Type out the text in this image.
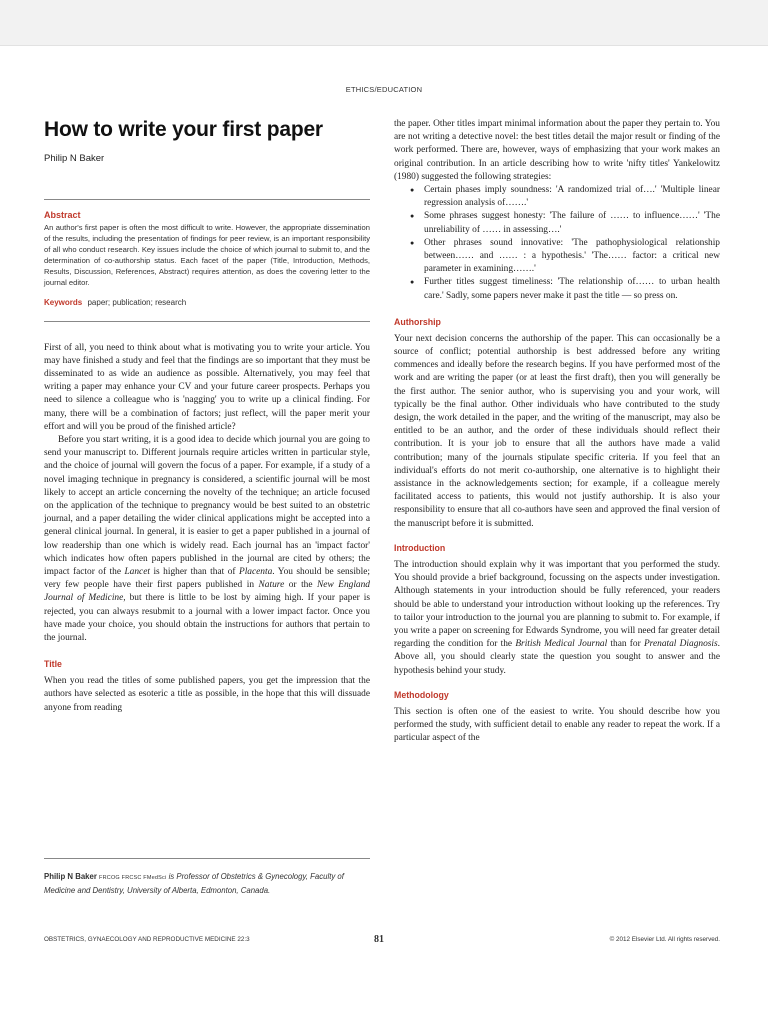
ETHICS/EDUCATION
How to write your first paper
Philip N Baker
Abstract
An author's first paper is often the most difficult to write. However, the appropriate dissemination of the results, including the presentation of findings for peer review, is an important responsibility of all who conduct research. Key issues include the choice of which journal to submit to, and the determination of co-authorship status. Each facet of the paper (Title, Introduction, Methods, Results, Discussion, References, Abstract) requires attention, as does the covering letter to the journal editor.
Keywords paper; publication; research

First of all, you need to think about what is motivating you to write your article. You may have finished a study and feel that the findings are so important that they must be disseminated to as wide an audience as possible. Alternatively, you may feel that writing a paper may enhance your CV and your future career prospects. Perhaps you need to silence a colleague who is 'nagging' you to write up a clinical finding. For many, there will be a combination of factors; just reflect, will the paper merit your effort and will you be proud of the finished article?

Before you start writing, it is a good idea to decide which journal you are going to send your manuscript to. Different journals require articles written in particular style, and the choice of journal will govern the focus of a paper. For example, if a study of a novel imaging technique in pregnancy is considered, a scientific journal will be most likely to accept an article concerning the novelty of the technique; an article focused on the application of the technique to pregnancy would be best suited to an obstetric journal, and a paper detailing the wider clinical applications might be accepted into a general clinical journal. In general, it is easier to get a paper published in a journal of low readership than one which is widely read. Each journal has an 'impact factor' which indicates how often papers published in the journal are cited by others; the impact factor of the Lancet is higher than that of Placenta. You should be sensible; very few people have their first papers published in Nature or the New England Journal of Medicine, but there is little to be lost by aiming high. If your paper is rejected, you can always resubmit to a journal with a lower impact factor. Once you have made your choice, you should obtain the instructions for authors that pertain to the journal.

Title

When you read the titles of some published papers, you get the impression that the authors have selected as esoteric a title as possible, in the hope that this will dissuade anyone from reading

the paper. Other titles impart minimal information about the paper they pertain to. You are not writing a detective novel: the best titles detail the major result or finding of the work performed. There are, however, ways of emphasizing that your work makes an original contribution. In an article describing how to write 'nifty titles' Yankelowitz (1980) suggested the following strategies:

● Certain phases imply soundness: 'A randomized trial of….' 'Multiple linear regression analysis of…….'
● Some phrases suggest honesty: 'The failure of …… to influence……' 'The unreliability of …… in assessing….'
● Other phrases sound innovative: 'The pathophysiological relationship between…… and …… : a hypothesis.' 'The…… factor: a critical new parameter in examining…….'
● Further titles suggest timeliness: 'The relationship of…… to urban health care.' Sadly, some papers never make it past the title — so press on.
Authorship

Your next decision concerns the authorship of the paper. This can occasionally be a source of conflict; potential authorship is best addressed before any writing commences and ideally before the research begins. If you have performed most of the work and are writing the paper (or at least the first draft), then you will generally be the first author. The senior author, who is supervising you and your work, will typically be the final author. Other individuals who have contributed to the study design, the work detailed in the paper, and the writing of the manuscript, may also be entitled to be an author, and the order of these individuals should reflect their contribution. It is your job to ensure that all the authors have made a valid contribution; many of the journals stipulate specific criteria. If you feel that an individual's efforts do not merit co-authorship, one alternative is to highlight their assistance in the acknowledgements section; for example, if a colleague merely facilitated access to patients, this would not justify authorship. It is also your responsibility to ensure that all co-authors have seen and approved the final version of the manuscript before it is submitted.

Introduction

The introduction should explain why it was important that you performed the study. You should provide a brief background, focussing on the aspects under investigation. Although statements in your introduction should be fully referenced, your readers should be able to understand your introduction without looking up the references. Try to tailor your introduction to the journal you are planning to submit to. For example, if you write a paper on screening for Edwards Syndrome, you will need far greater detail regarding the condition for the British Medical Journal than for Prenatal Diagnosis. Above all, you should clearly state the question you sought to answer and the hypothesis behind your study.

Methodology

This section is often one of the easiest to write. You should describe how you performed the study, with sufficient detail to enable any reader to repeat the work. If a particular aspect of the

Philip N Baker FRCOG FRCSC FMedSci is Professor of Obstetrics & Gynecology, Faculty of Medicine and Dentistry, University of Alberta, Edmonton, Canada.
OBSTETRICS, GYNAECOLOGY AND REPRODUCTIVE MEDICINE 22:3	81	© 2012 Elsevier Ltd. All rights reserved.
